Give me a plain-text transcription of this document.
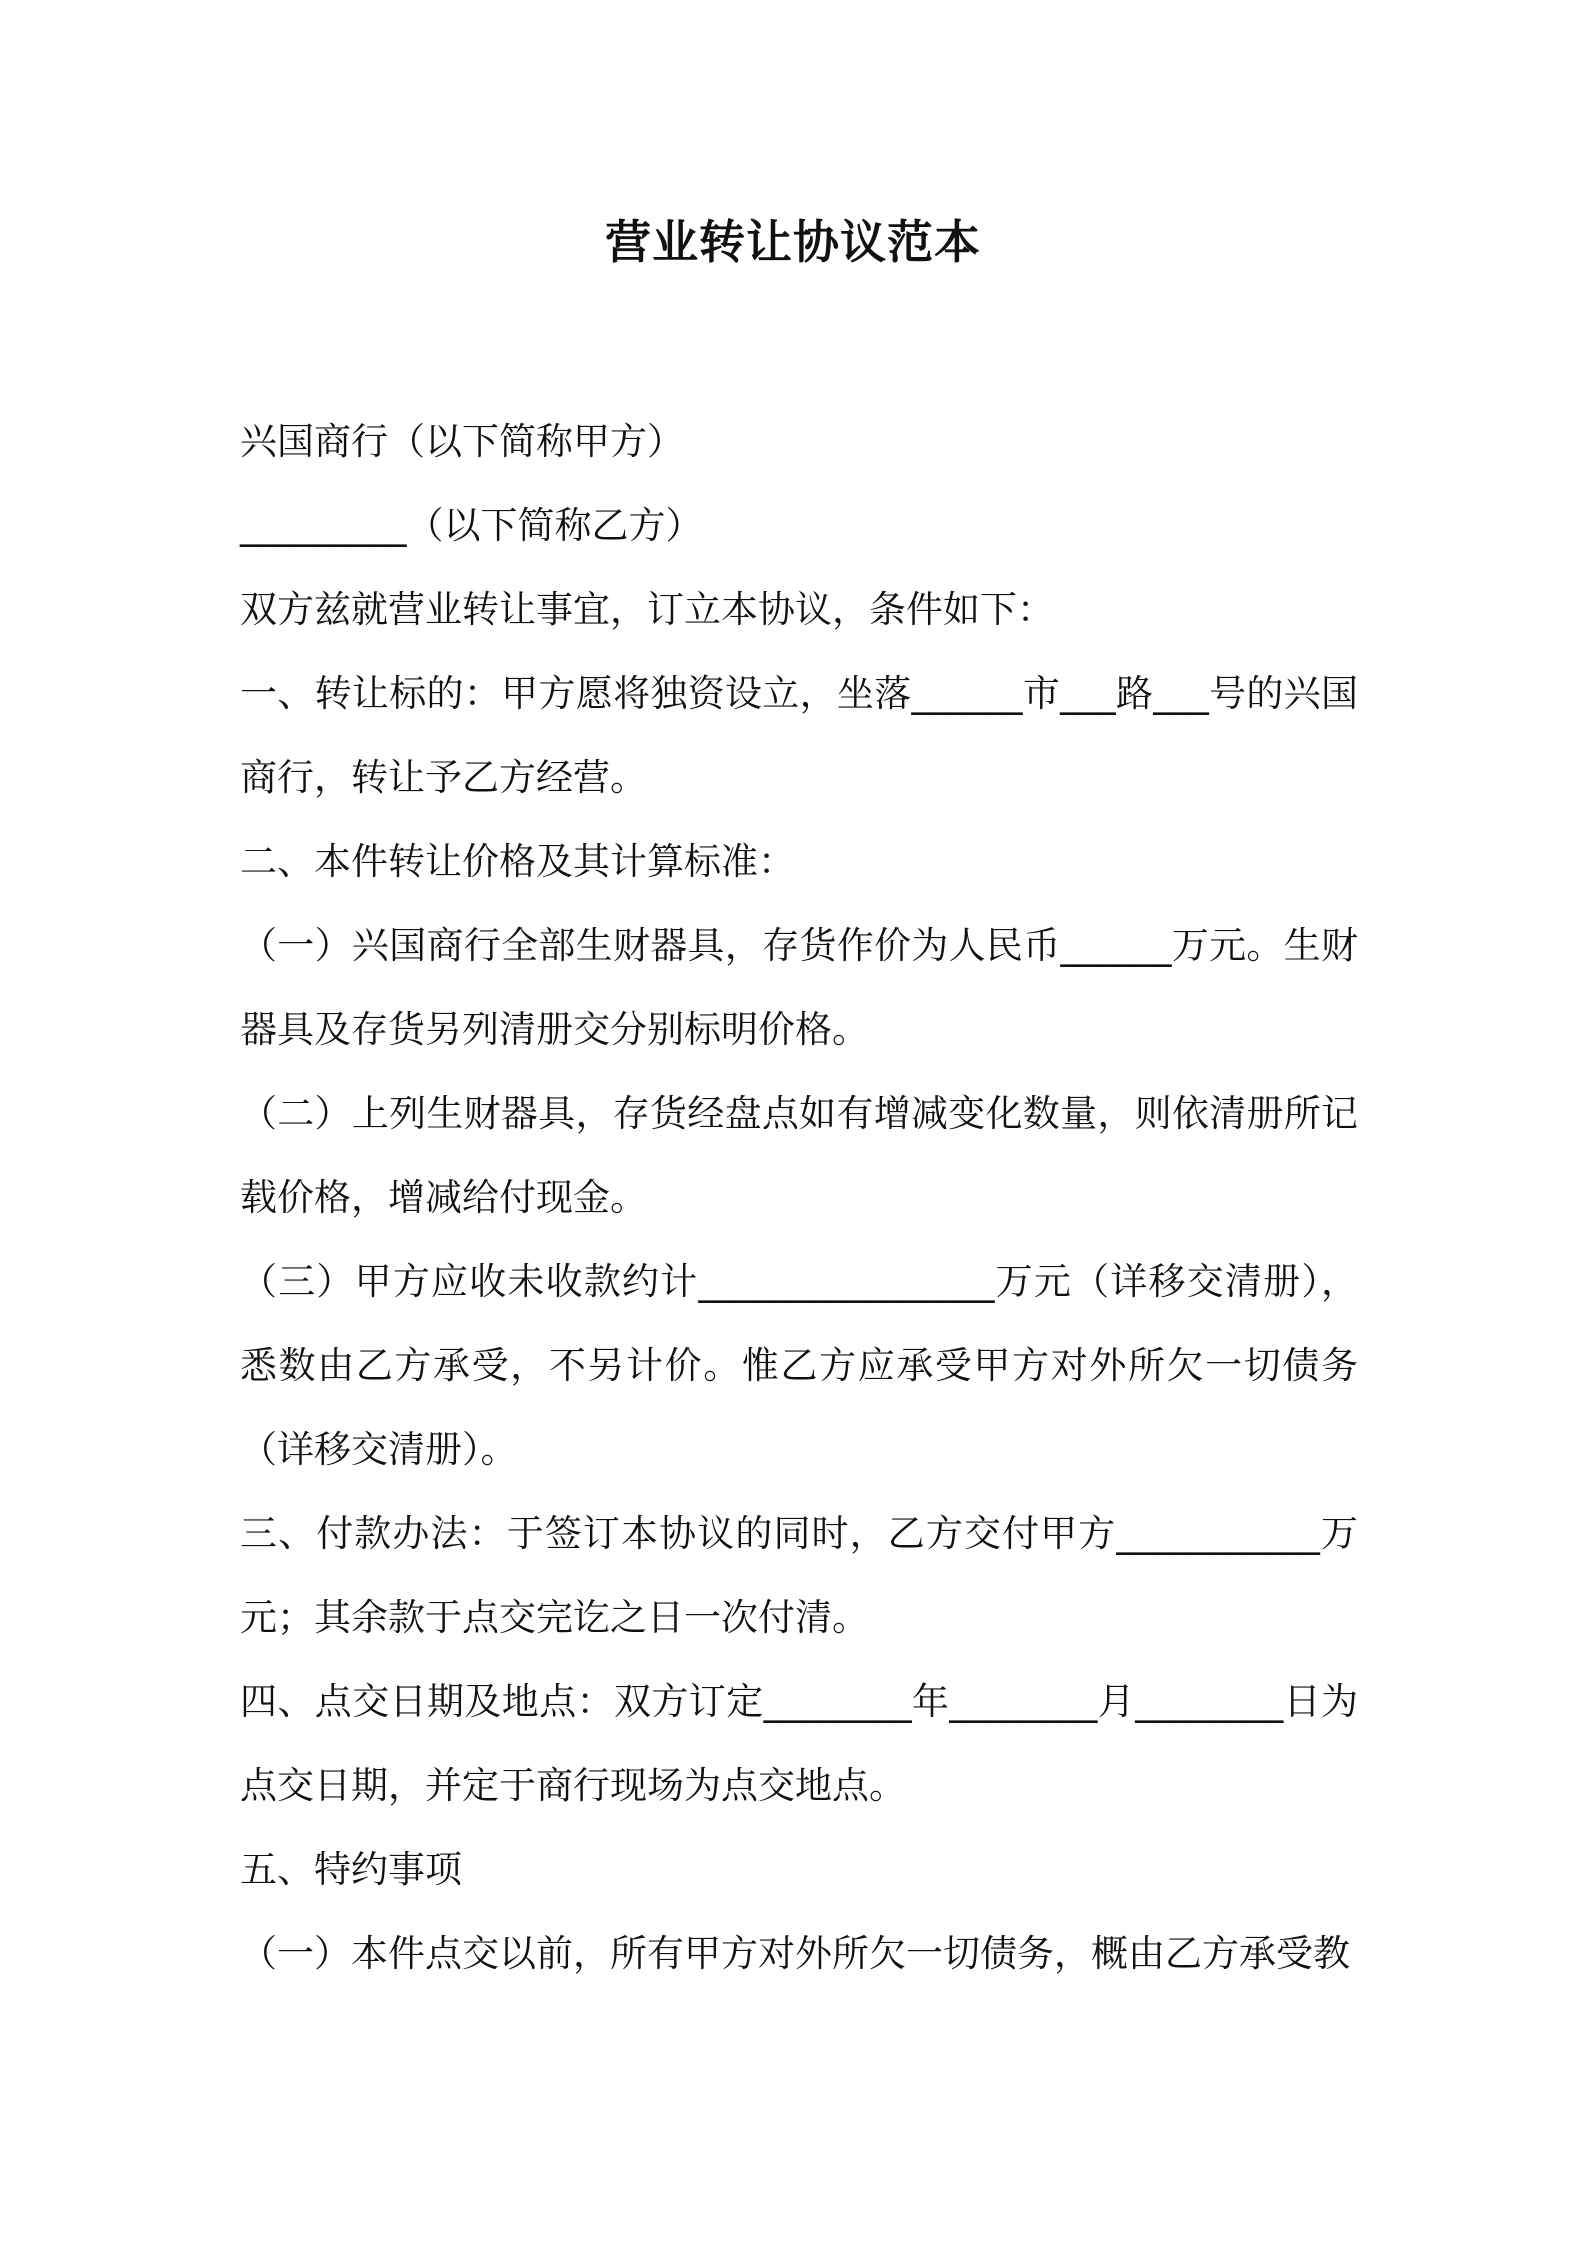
营业转让协议范本

兴国商行（以下简称甲方）

_________（以下简称乙方）

双方兹就营业转让事宜，订立本协议，条件如下：

一、转让标的：甲方愿将独资设立，坐落______市___路___号的兴国商行，转让予乙方经营。

二、本件转让价格及其计算标准：

（一）兴国商行全部生财器具，存货作价为人民币______万元。生财器具及存货另列清册交分别标明价格。

（二）上列生财器具，存货经盘点如有增减变化数量，则依清册所记载价格，增减给付现金。

（三）甲方应收未收款约计________________万元（详移交清册），悉数由乙方承受，不另计价。惟乙方应承受甲方对外所欠一切债务（详移交清册）。

三、付款办法：于签订本协议的同时，乙方交付甲方___________万元；其余款于点交完讫之日一次付清。

四、点交日期及地点：双方订定________年________月________日为点交日期，并定于商行现场为点交地点。

五、特约事项

（一）本件点交以前，所有甲方对外所欠一切债务，概由乙方承受教
